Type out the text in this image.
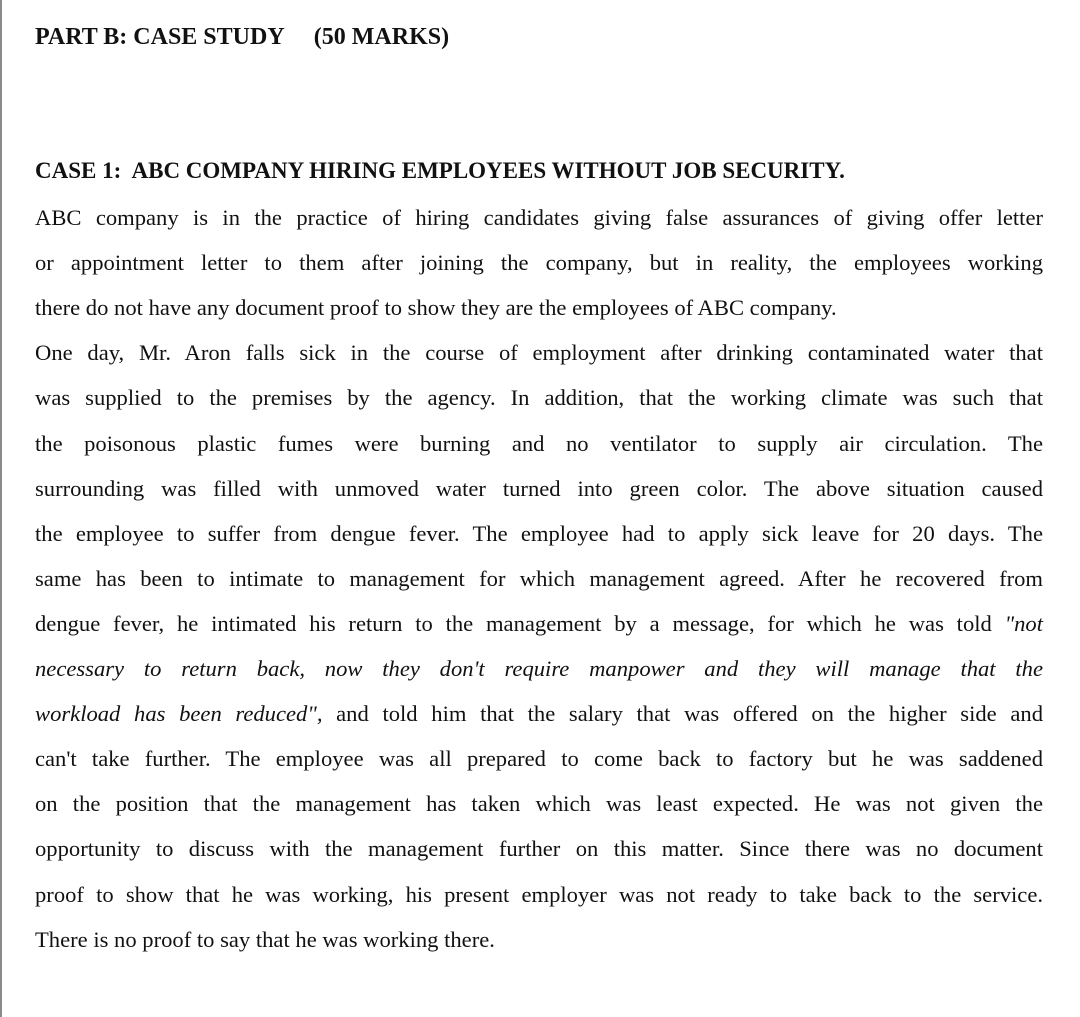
PART B: CASE STUDY     (50 MARKS)
CASE 1:  ABC COMPANY HIRING EMPLOYEES WITHOUT JOB SECURITY.
ABC company is in the practice of hiring candidates giving false assurances of giving offer letter
or appointment letter to them after joining the company, but in reality, the employees working
there do not have any document proof to show they are the employees of ABC company.
One day, Mr. Aron falls sick in the course of employment after drinking contaminated water that
was supplied to the premises by the agency. In addition, that the working climate was such that
the poisonous plastic fumes were burning and no ventilator to supply air circulation. The
surrounding was filled with unmoved water turned into green color. The above situation caused
the employee to suffer from dengue fever. The employee had to apply sick leave for 20 days. The
same has been to intimate to management for which management agreed. After he recovered from
dengue fever, he intimated his return to the management by a message, for which he was told "not
necessary to return back, now they don't require manpower and they will manage that the
workload has been reduced", and told him that the salary that was offered on the higher side and
can't take further. The employee was all prepared to come back to factory but he was saddened
on the position that the management has taken which was least expected. He was not given the
opportunity to discuss with the management further on this matter. Since there was no document
proof to show that he was working, his present employer was not ready to take back to the service.
There is no proof to say that he was working there.
